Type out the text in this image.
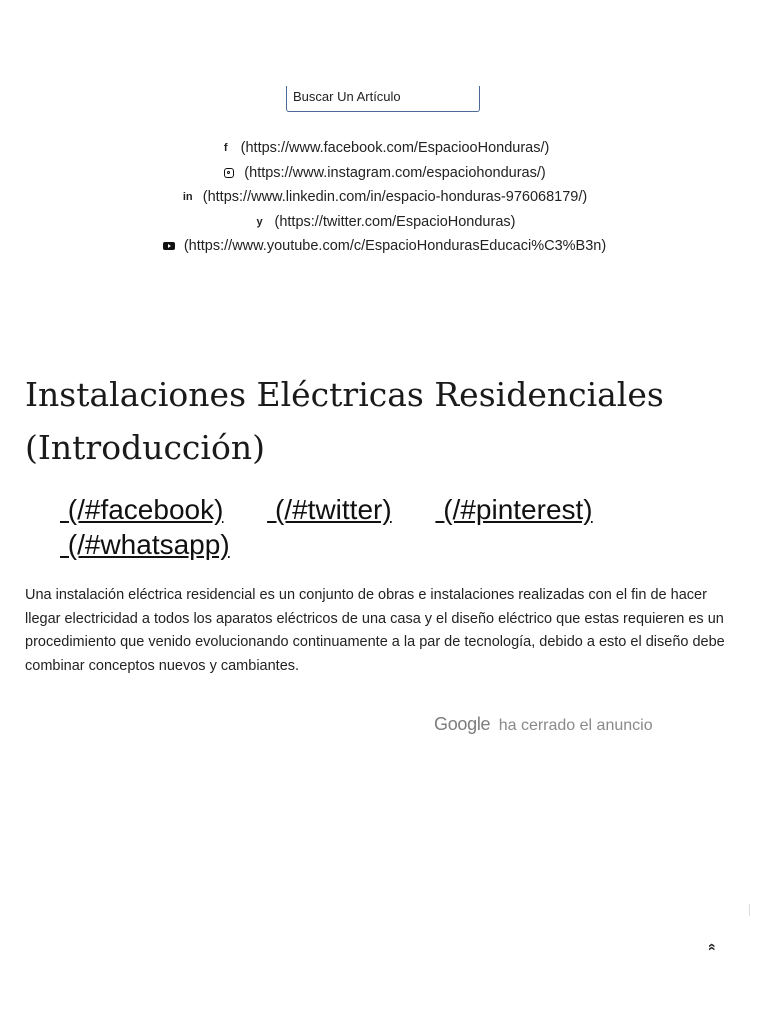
Buscar Un Artículo
f (https://www.facebook.com/EspaciooHonduras/)
(https://www.instagram.com/espaciohonduras/)
in (https://www.linkedin.com/in/espacio-honduras-976068179/)
y (https://twitter.com/EspacioHonduras)
(https://www.youtube.com/c/EspacioHondurasEducaci%C3%B3n)
Instalaciones Eléctricas Residenciales (Introducción)
(/#facebook) (/#twitter) (/#pinterest)
(/#whatsapp)

Una instalación eléctrica residencial es un conjunto de obras e instalaciones realizadas con el fin de hacer llegar electricidad a todos los aparatos eléctricos de una casa y el diseño eléctrico que estas requieren es un procedimiento que venido evolucionando continuamente a la par de tecnología, debido a esto el diseño debe combinar conceptos nuevos y cambiantes.

Google ha cerrado el anuncio
«
